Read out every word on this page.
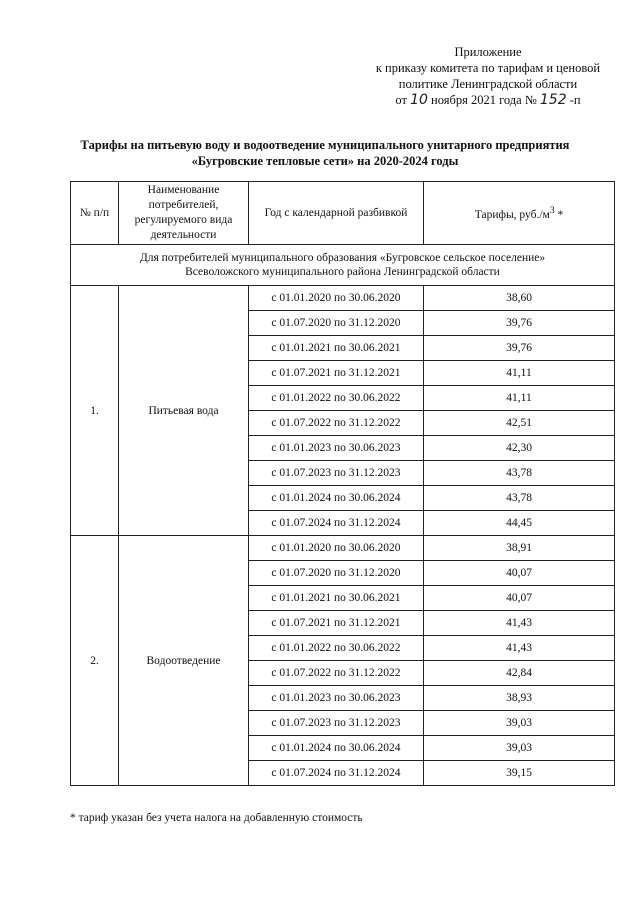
Приложение
к приказу комитета по тарифам и ценовой
политике Ленинградской области
от 10 ноября 2021 года № 152 -п
Тарифы на питьевую воду и водоотведение муниципального унитарного предприятия
«Бугровские тепловые сети» на 2020-2024 годы
№ п/п	Наименование потребителей, регулируемого вида деятельности	Год с календарной разбивкой	Тарифы, $руб./м^3$ *

Для потребителей муниципального образования «Бугровское сельское поселение»
Всеволожского муниципального района Ленинградской области			

1.	Питьевая вода	с 01.01.2020 по 30.06.2020	38,60
		с 01.07.2020 по 31.12.2020	39,76
		с 01.01.2021 по 30.06.2021	39,76
		с 01.07.2021 по 31.12.2021	41,11
		с 01.01.2022 по 30.06.2022	41,11
		с 01.07.2022 по 31.12.2022	42,51
		с 01.01.2023 по 30.06.2023	42,30
		с 01.07.2023 по 31.12.2023	43,78
		с 01.01.2024 по 30.06.2024	43,78
		с 01.07.2024 по 31.12.2024	44,45
2.	Водоотведение	с 01.01.2020 по 30.06.2020	38,91
		с 01.07.2020 по 31.12.2020	40,07
		с 01.01.2021 по 30.06.2021	40,07
		с 01.07.2021 по 31.12.2021	41,43
		с 01.01.2022 по 30.06.2022	41,43
		с 01.07.2022 по 31.12.2022	42,84
		с 01.01.2023 по 30.06.2023	38,93
		с 01.07.2023 по 31.12.2023	39,03
		с 01.01.2024 по 30.06.2024	39,03
		с 01.07.2024 по 31.12.2024	39,15
* тариф указан без учета налога на добавленную стоимость
